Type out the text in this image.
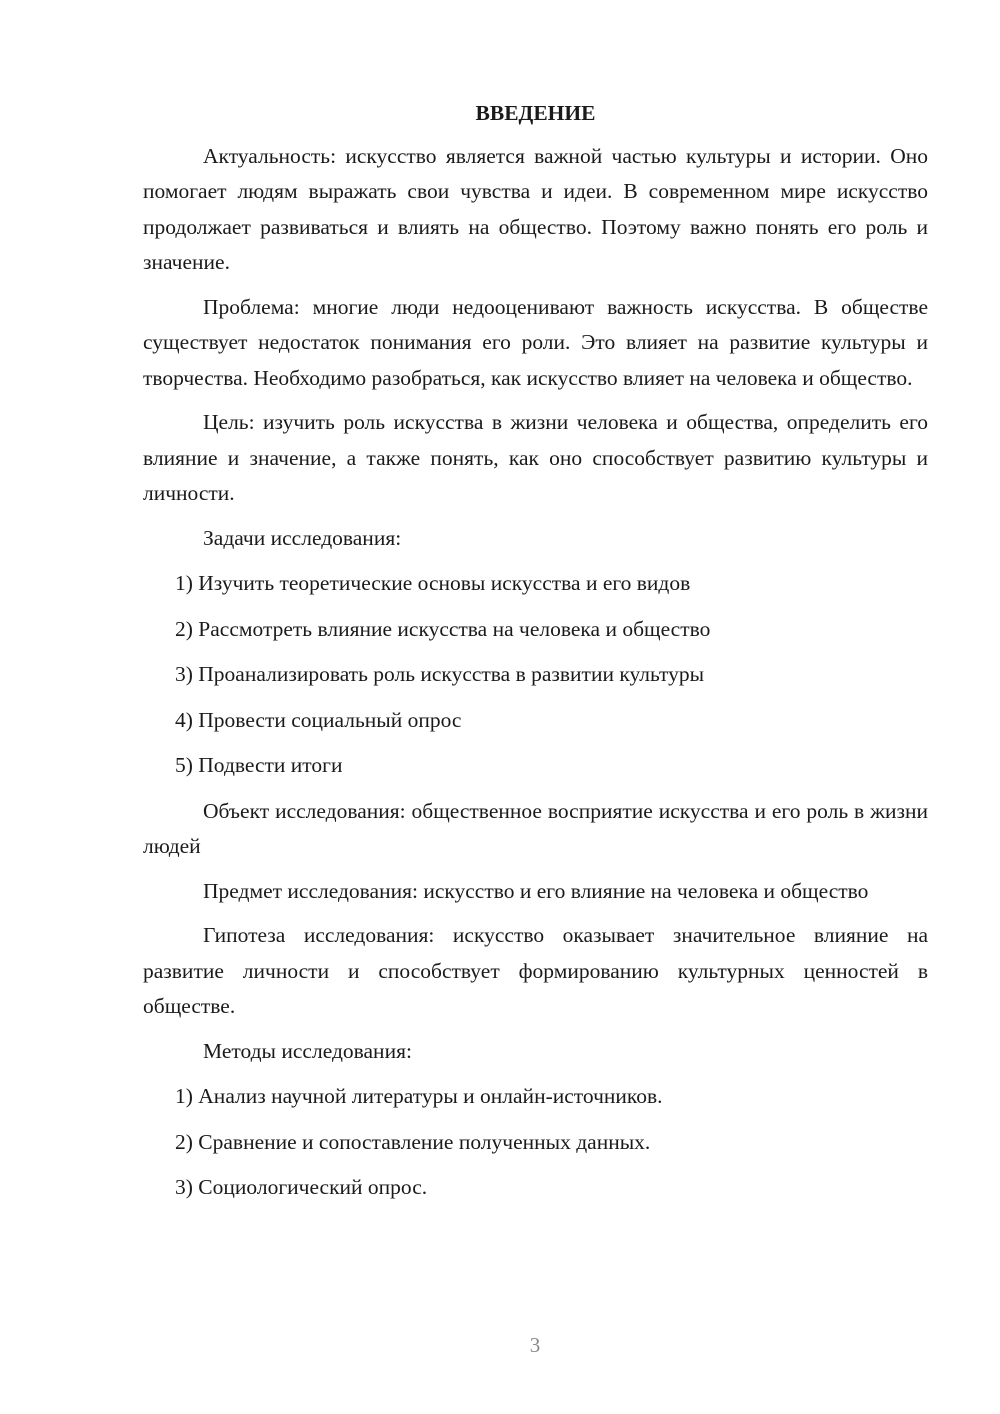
ВВЕДЕНИЕ

Актуальность: искусство является важной частью культуры и истории. Оно помогает людям выражать свои чувства и идеи. В современном мире искусство продолжает развиваться и влиять на общество. Поэтому важно понять его роль и значение.

Проблема: многие люди недооценивают важность искусства. В обществе существует недостаток понимания его роли. Это влияет на развитие культуры и творчества. Необходимо разобраться, как искусство влияет на человека и общество.

Цель: изучить роль искусства в жизни человека и общества, определить его влияние и значение, а также понять, как оно способствует развитию культуры и личности.

Задачи исследования:

1) Изучить теоретические основы искусства и его видов
2) Рассмотреть влияние искусства на человека и общество
3) Проанализировать роль искусства в развитии культуры
4) Провести социальный опрос
5) Подвести итоги

Объект исследования: общественное восприятие искусства и его роль в жизни людей

Предмет исследования: искусство и его влияние на человека и общество

Гипотеза исследования: искусство оказывает значительное влияние на развитие личности и способствует формированию культурных ценностей в обществе.

Методы исследования:

1) Анализ научной литературы и онлайн-источников.
2) Сравнение и сопоставление полученных данных.
3) Социологический опрос.
3
